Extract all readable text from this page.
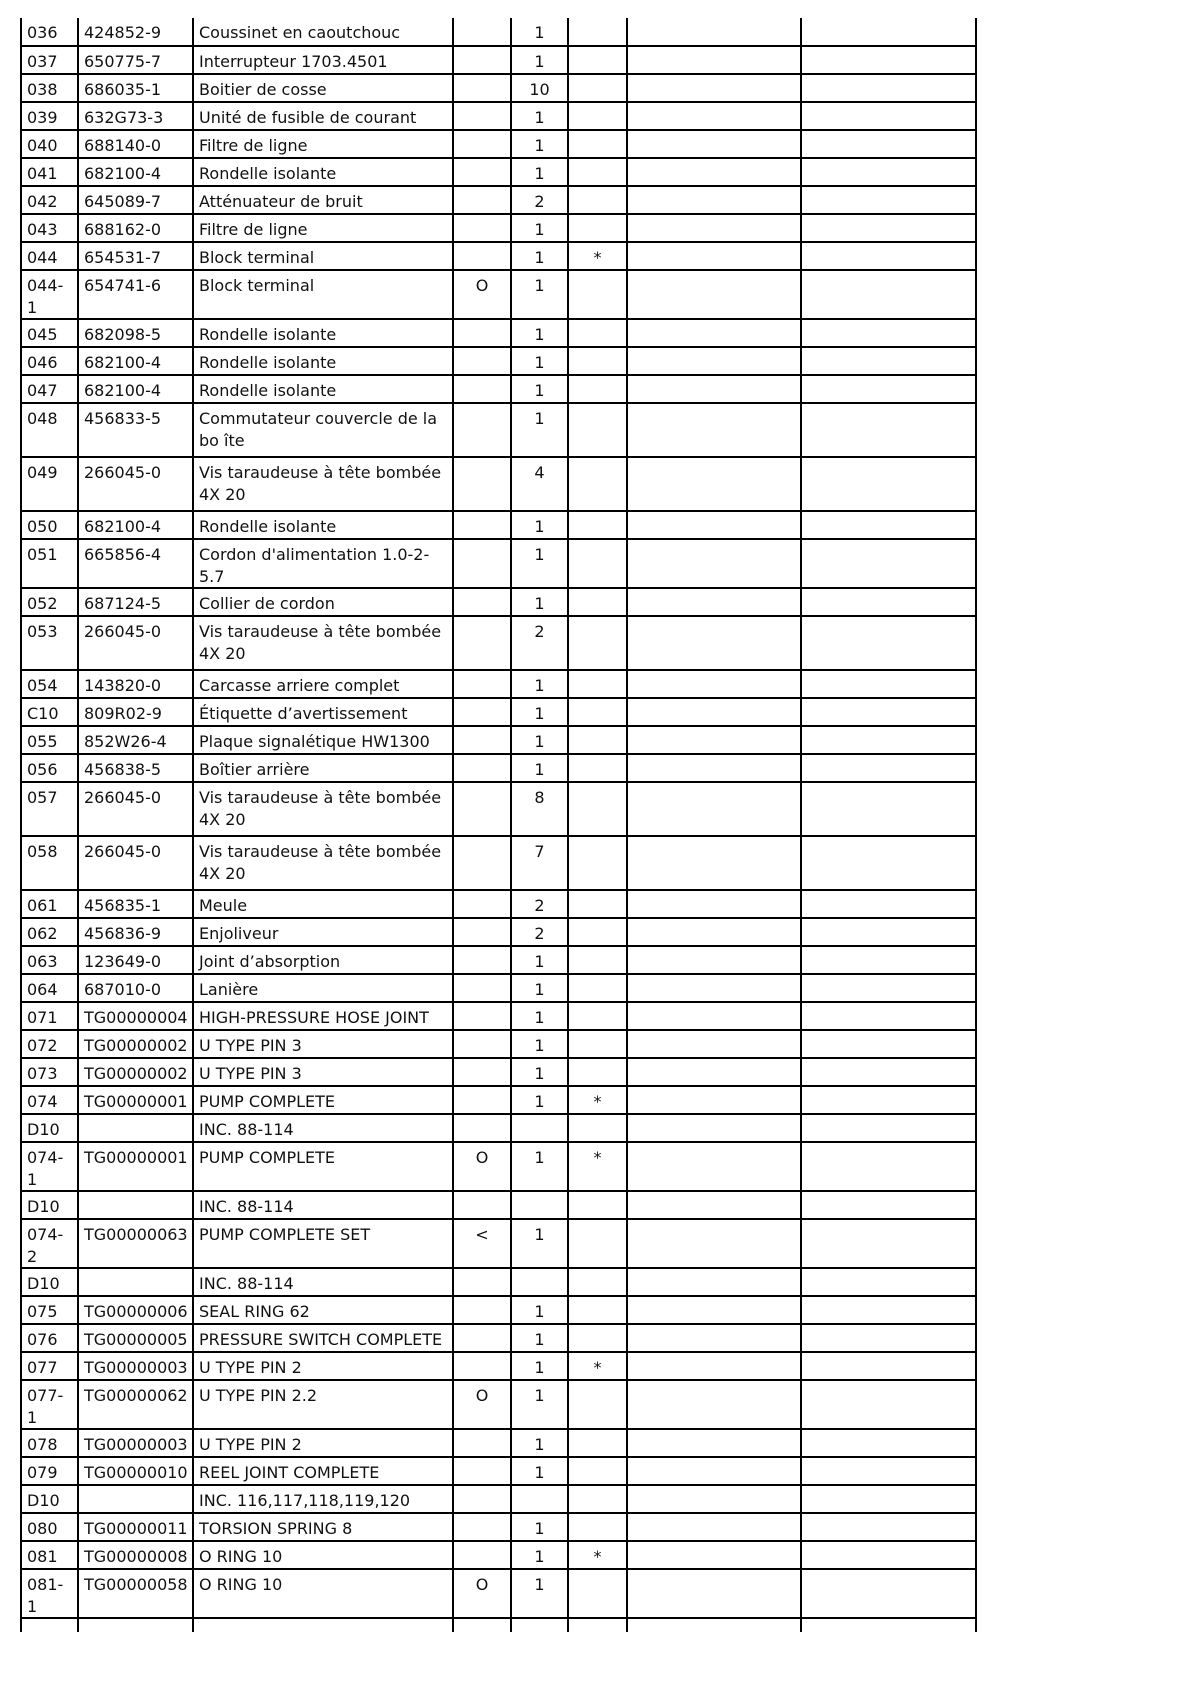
036	424852-9	Coussinet en caoutchouc		1			
037	650775-7	Interrupteur 1703.4501		1			
038	686035-1	Boitier de cosse		10			
039	632G73-3	Unité de fusible de courant		1			
040	688140-0	Filtre de ligne		1			
041	682100-4	Rondelle isolante		1			
042	645089-7	Atténuateur de bruit		2			
043	688162-0	Filtre de ligne		1			
044	654531-7	Block terminal		1	*		
044-1	654741-6	Block terminal	O	1			
045	682098-5	Rondelle isolante		1			
046	682100-4	Rondelle isolante		1			
047	682100-4	Rondelle isolante		1			
048	456833-5	Commutateur couvercle de la bo îte		1			
049	266045-0	Vis taraudeuse à tête bombée 4X 20		4			
050	682100-4	Rondelle isolante		1			
051	665856-4	Cordon d'alimentation 1.0-2-5.7		1			
052	687124-5	Collier de cordon		1			
053	266045-0	Vis taraudeuse à tête bombée 4X 20		2			
054	143820-0	Carcasse arriere complet		1			
C10	809R02-9	Étiquette d’avertissement		1			
055	852W26-4	Plaque signalétique HW1300		1			
056	456838-5	Boîtier arrière		1			
057	266045-0	Vis taraudeuse à tête bombée 4X 20		8			
058	266045-0	Vis taraudeuse à tête bombée 4X 20		7			
061	456835-1	Meule		2			
062	456836-9	Enjoliveur		2			
063	123649-0	Joint d’absorption		1			
064	687010-0	Lanière		1			
071	TG00000004	HIGH-PRESSURE HOSE JOINT		1			
072	TG00000002	U TYPE PIN 3		1			
073	TG00000002	U TYPE PIN 3		1			
074	TG00000001	PUMP COMPLETE		1	*		
D10		INC. 88-114					
074-1	TG00000001	PUMP COMPLETE	O	1	*		
D10		INC. 88-114					
074-2	TG00000063	PUMP COMPLETE SET	<	1			
D10		INC. 88-114					
075	TG00000006	SEAL RING 62		1			
076	TG00000005	PRESSURE SWITCH COMPLETE		1			
077	TG00000003	U TYPE PIN 2		1	*		
077-1	TG00000062	U TYPE PIN 2.2	O	1			
078	TG00000003	U TYPE PIN 2		1			
079	TG00000010	REEL JOINT COMPLETE		1			
D10		INC. 116,117,118,119,120					
080	TG00000011	TORSION SPRING 8		1			
081	TG00000008	O RING 10		1	*		
081-1	TG00000058	O RING 10	O	1			
